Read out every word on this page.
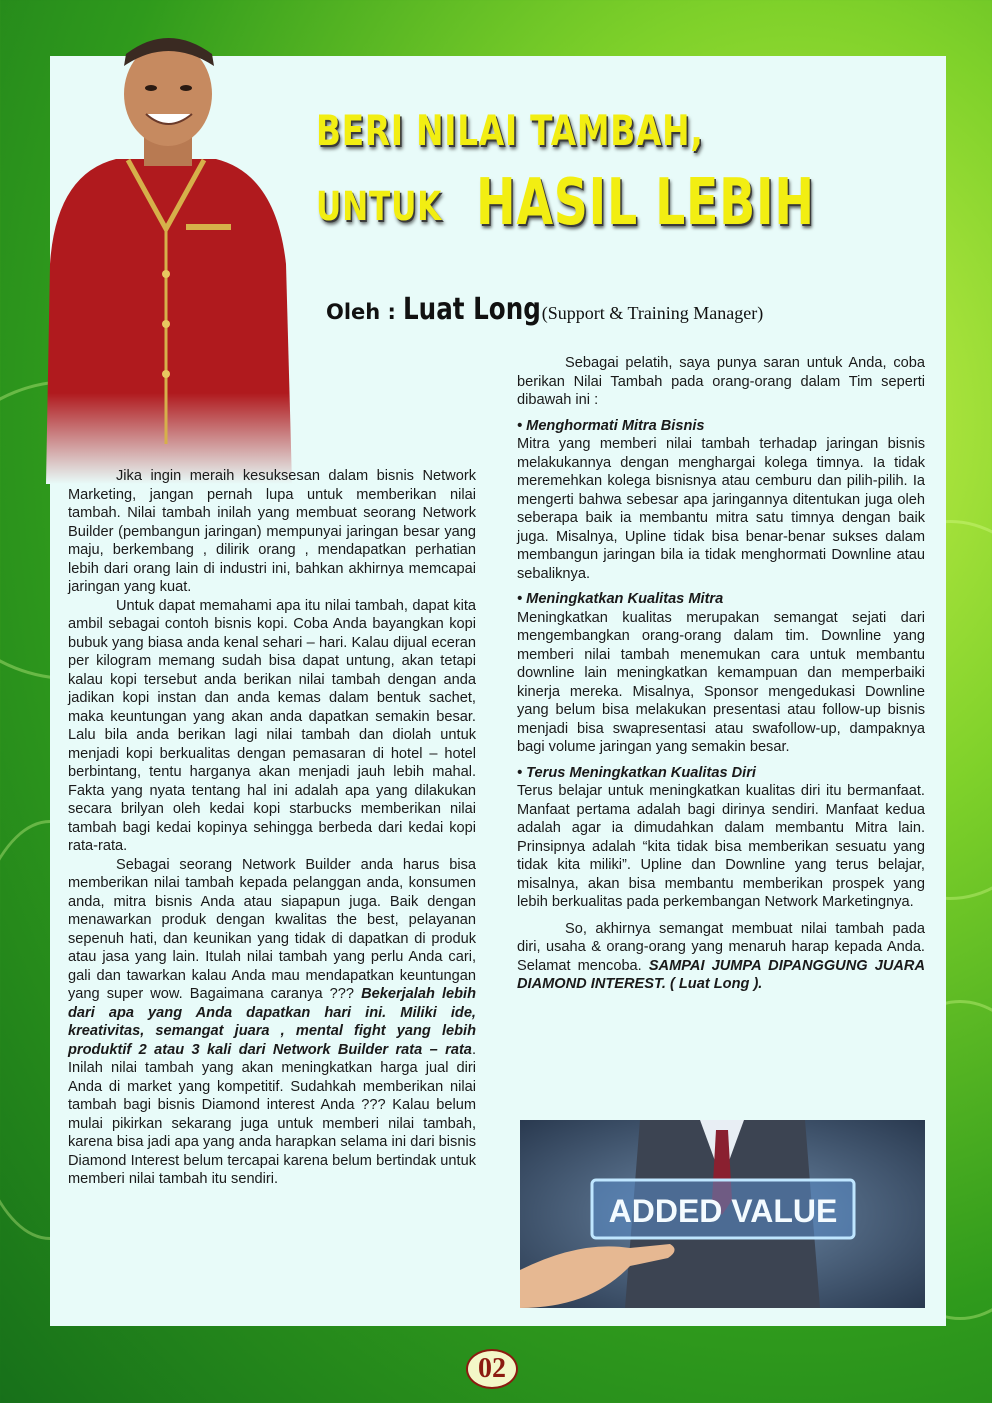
BERI NILAI TAMBAH,
UNTUK HASIL LEBIH
Oleh : Luat Long (Support & Training Manager)

Jika ingin meraih kesuksesan dalam bisnis Network Marketing, jangan pernah lupa untuk memberikan nilai tambah. Nilai tambah inilah yang membuat seorang Network Builder (pembangun jaringan) mempunyai jaringan besar yang maju, berkembang , dilirik orang , mendapatkan perhatian lebih dari orang lain di industri ini, bahkan akhirnya memcapai jaringan yang kuat.

Untuk dapat memahami apa itu nilai tambah, dapat kita ambil sebagai contoh bisnis kopi. Coba Anda bayangkan kopi bubuk yang biasa anda kenal sehari – hari. Kalau dijual eceran per kilogram memang sudah bisa dapat untung, akan tetapi kalau kopi tersebut anda berikan nilai tambah dengan anda jadikan kopi instan dan anda kemas dalam bentuk sachet, maka keuntungan yang akan anda dapatkan semakin besar. Lalu bila anda berikan lagi nilai tambah dan diolah untuk menjadi kopi berkualitas dengan pemasaran di hotel – hotel berbintang, tentu harganya akan menjadi jauh lebih mahal. Fakta yang nyata tentang hal ini adalah apa yang dilakukan secara brilyan oleh kedai kopi starbucks memberikan nilai tambah bagi kedai kopinya sehingga berbeda dari kedai kopi rata-rata.

Sebagai seorang Network Builder anda harus bisa memberikan nilai tambah kepada pelanggan anda, konsumen anda, mitra bisnis Anda atau siapapun juga. Baik dengan menawarkan produk dengan kwalitas the best, pelayanan sepenuh hati, dan keunikan yang tidak di dapatkan di produk atau jasa yang lain. Itulah nilai tambah yang perlu Anda cari, gali dan tawarkan kalau Anda mau mendapatkan keuntungan yang super wow. Bagaimana caranya ??? Bekerjalah lebih dari apa yang Anda dapatkan hari ini. Miliki ide, kreativitas, semangat juara , mental fight yang lebih produktif 2 atau 3 kali dari Network Builder rata – rata. Inilah nilai tambah yang akan meningkatkan harga jual diri Anda di market yang kompetitif. Sudahkah memberikan nilai tambah bagi bisnis Diamond interest Anda ??? Kalau belum mulai pikirkan sekarang juga untuk memberi nilai tambah, karena bisa jadi apa yang anda harapkan selama ini dari bisnis Diamond Interest belum tercapai karena belum bertindak untuk memberi nilai tambah itu sendiri.

Sebagai pelatih, saya punya saran untuk Anda, coba berikan Nilai Tambah pada orang-orang dalam Tim seperti dibawah ini :

• Menghormati Mitra Bisnis

Mitra yang memberi nilai tambah terhadap jaringan bisnis melakukannya dengan menghargai kolega timnya. Ia tidak meremehkan kolega bisnisnya atau cemburu dan pilih-pilih. Ia mengerti bahwa sebesar apa jaringannya ditentukan juga oleh seberapa baik ia membantu mitra satu timnya dengan baik juga. Misalnya, Upline tidak bisa benar-benar sukses dalam membangun jaringan bila ia tidak menghormati Downline atau sebaliknya.

• Meningkatkan Kualitas Mitra

Meningkatkan kualitas merupakan semangat sejati dari mengembangkan orang-orang dalam tim. Downline yang memberi nilai tambah menemukan cara untuk membantu downline lain meningkatkan kemampuan dan memperbaiki kinerja mereka. Misalnya, Sponsor mengedukasi Downline yang belum bisa melakukan presentasi atau follow-up bisnis menjadi bisa swapresentasi atau swafollow-up, dampaknya bagi volume jaringan yang semakin besar.

• Terus Meningkatkan Kualitas Diri

Terus belajar untuk meningkatkan kualitas diri itu bermanfaat. Manfaat pertama adalah bagi dirinya sendiri. Manfaat kedua adalah agar ia dimudahkan dalam membantu Mitra lain. Prinsipnya adalah “kita tidak bisa memberikan sesuatu yang tidak kita miliki”. Upline dan Downline yang terus belajar, misalnya, akan bisa membantu memberikan prospek yang lebih berkualitas pada perkembangan Network Marketingnya.

So, akhirnya semangat membuat nilai tambah pada diri, usaha & orang-orang yang menaruh harap kepada Anda. Selamat mencoba. SAMPAI JUMPA DIPANGGUNG JUARA DIAMOND INTEREST. ( Luat Long ).

ADDED VALUE
02
